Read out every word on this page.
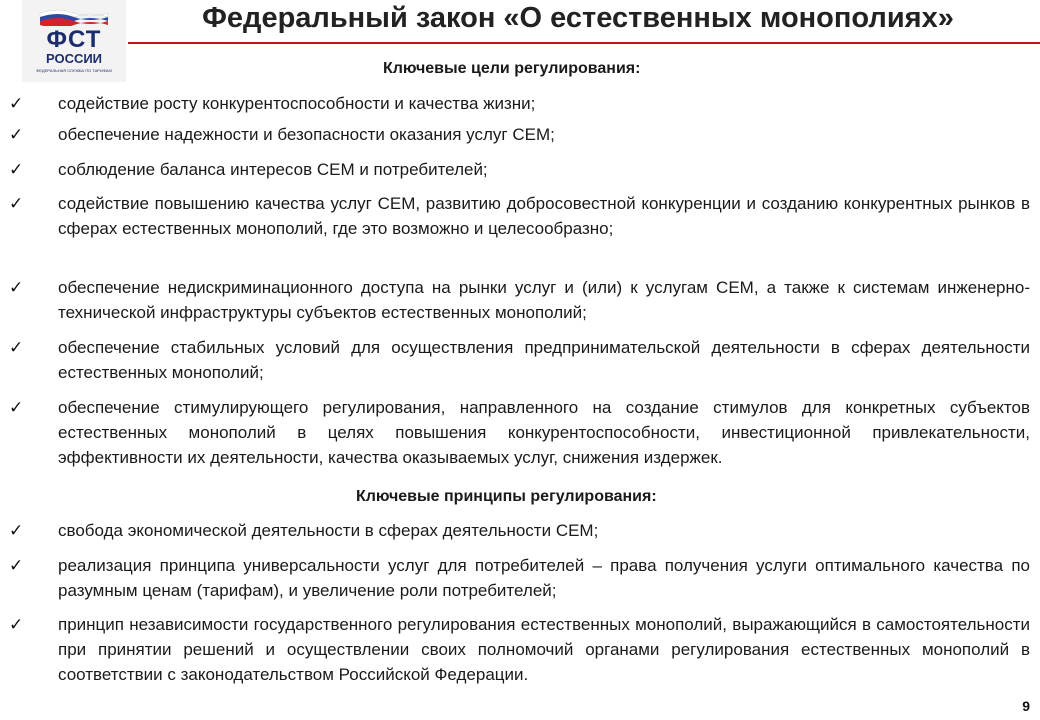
ФСТ
РОССИИ
ФЕДЕРАЛЬНАЯ СЛУЖБА ПО ТАРИФАМ
Федеральный закон «О естественных монополиях»
Ключевые цели регулирования:
✓ содействие росту конкурентоспособности и качества жизни;
✓ обеспечение надежности и безопасности оказания услуг СЕМ;
✓ соблюдение баланса интересов СЕМ и потребителей;
✓ содействие повышению качества услуг СЕМ, развитию добросовестной конкуренции и созданию конкурентных рынков в сферах естественных монополий, где это возможно и целесообразно;
✓ обеспечение недискриминационного доступа на рынки услуг и (или) к услугам СЕМ, а также к системам инженерно- технической инфраструктуры субъектов естественных монополий;
✓ обеспечение стабильных условий для осуществления предпринимательской деятельности в сферах деятельности естественных монополий;
✓ обеспечение стимулирующего регулирования, направленного на создание стимулов для конкретных субъектов естественных монополий в целях повышения конкурентоспособности, инвестиционной привлекательности, эффективности их деятельности, качества оказываемых услуг, снижения издержек.
Ключевые принципы регулирования:
✓ свобода экономической деятельности в сферах деятельности СЕМ;
✓ реализация принципа универсальности услуг для потребителей – права получения услуги оптимального качества по разумным ценам (тарифам), и увеличение роли потребителей;
✓ принцип независимости государственного регулирования естественных монополий, выражающийся в самостоятельности при принятии решений и осуществлении своих полномочий органами регулирования естественных монополий в соответствии с законодательством Российской Федерации.
9
